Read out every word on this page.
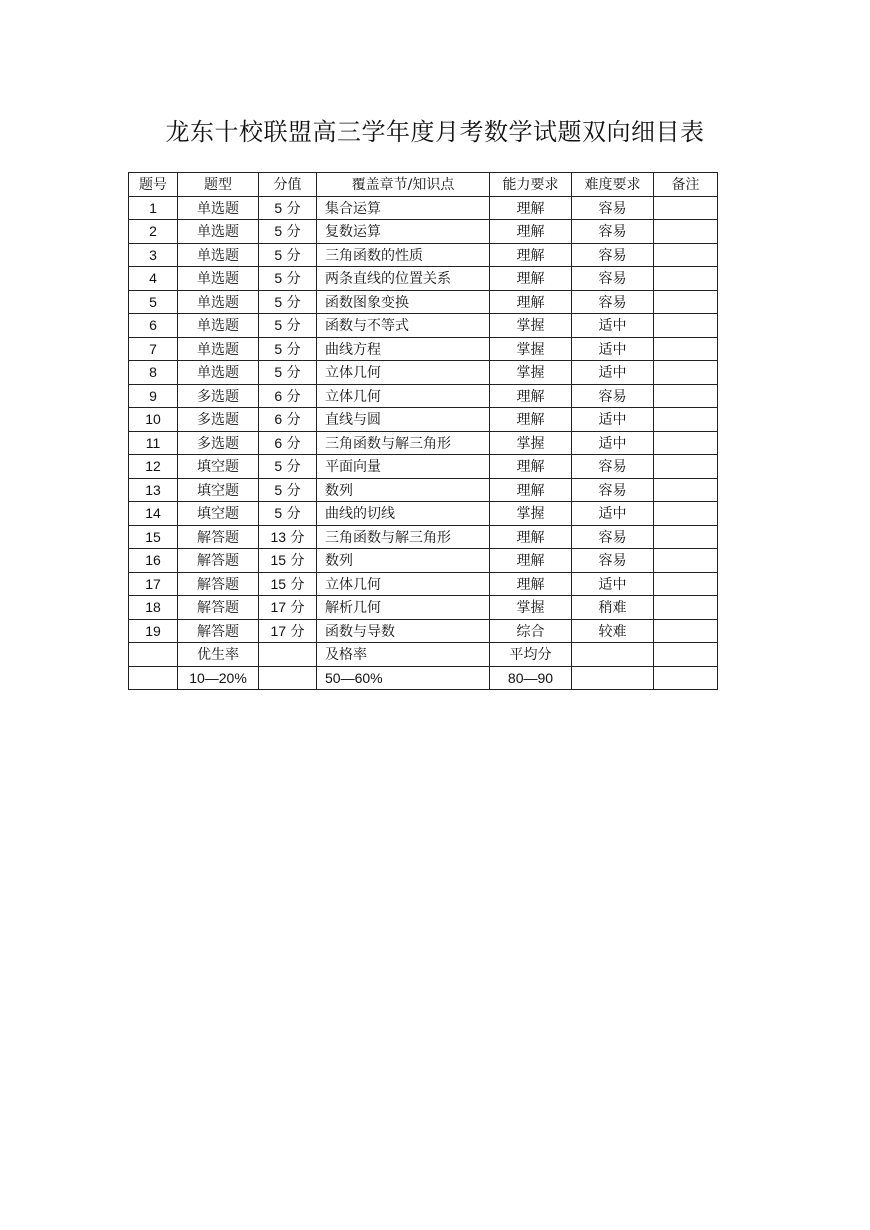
龙东十校联盟高三学年度月考数学试题双向细目表
题号	题型	分值	覆盖章节/知识点	能力要求	难度要求	备注
1	单选题	5 分	集合运算	理解	容易	
2	单选题	5 分	复数运算	理解	容易	
3	单选题	5 分	三角函数的性质	理解	容易	
4	单选题	5 分	两条直线的位置关系	理解	容易	
5	单选题	5 分	函数图象变换	理解	容易	
6	单选题	5 分	函数与不等式	掌握	适中	
7	单选题	5 分	曲线方程	掌握	适中	
8	单选题	5 分	立体几何	掌握	适中	
9	多选题	6 分	立体几何	理解	容易	
10	多选题	6 分	直线与圆	理解	适中	
11	多选题	6 分	三角函数与解三角形	掌握	适中	
12	填空题	5 分	平面向量	理解	容易	
13	填空题	5 分	数列	理解	容易	
14	填空题	5 分	曲线的切线	掌握	适中	
15	解答题	13 分	三角函数与解三角形	理解	容易	
16	解答题	15 分	数列	理解	容易	
17	解答题	15 分	立体几何	理解	适中	
18	解答题	17 分	解析几何	掌握	稍难	
19	解答题	17 分	函数与导数	综合	较难	
	优生率		及格率	平均分		
	10—20%		50—60%	80—90		
